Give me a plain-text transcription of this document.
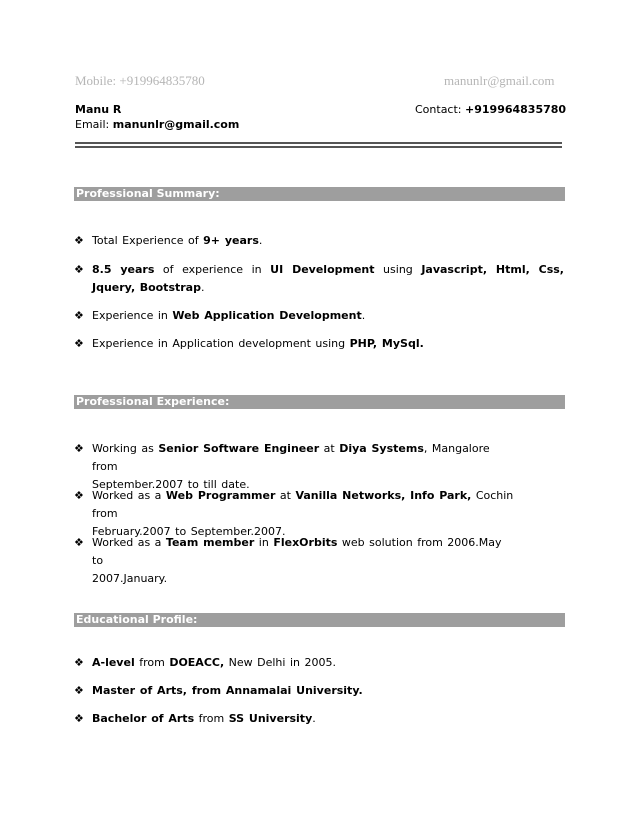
Mobile: +919964835780	manunlr@gmail.com
Manu R	Contact: +919964835780
Email: manunlr@gmail.com
Professional Summary:
❖ Total Experience of 9+ years.
❖ 8.5 years of experience in UI Development using Javascript, Html, Css, Jquery, Bootstrap.
❖ Experience in Web Application Development.
❖ Experience in Application development using PHP, MySql.
Professional Experience:
❖ Working as Senior Software Engineer at Diya Systems, Mangalore from
September.2007 to till date.
❖ Worked as a Web Programmer at Vanilla Networks, Info Park, Cochin from
February.2007 to September.2007.
❖ Worked as a Team member in FlexOrbits web solution from 2006.May to
2007.January.
Educational Profile:
❖ A-level from DOEACC, New Delhi in 2005.
❖ Master of Arts, from Annamalai University.
❖ Bachelor of Arts from SS University.
